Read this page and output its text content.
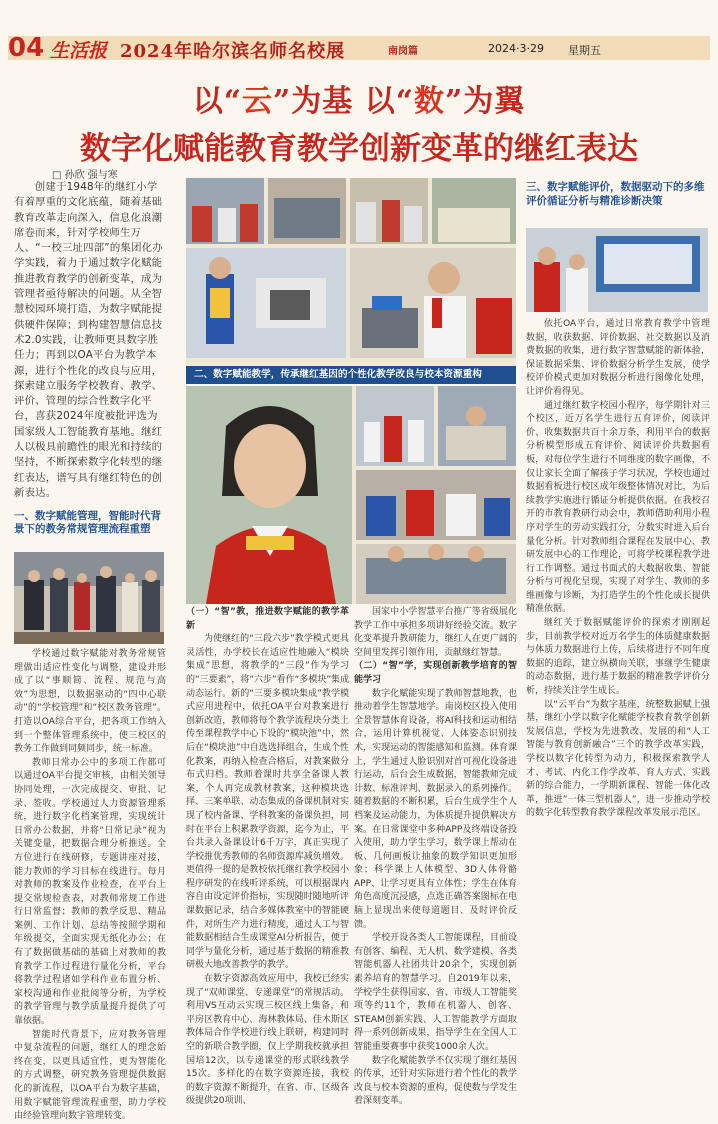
04 生活报 2024年哈尔滨名师名校展	南岗篇	2024·3·29 星期五
以“云”为基 以“数”为翼
数字化赋能教育教学创新变革的继红表达
□ 孙欣 强与寒
创建于1948年的继红小学有着厚重的文化底蕴，随着基础教育改革走向深入，信息化浪潮席卷而来，针对学校师生万人、“一校三址四部”的集团化办学实践，着力于通过数字化赋能推进教育教学的创新变革，成为管理者亟待解决的问题。从全智慧校园环境打造，为数字赋能提供硬件保障；到构建智慧信息技术2.0实践，让教师更具数字胜任力；再到以OA平台为教学本源，进行个性化的改良与应用，探索建立服务学校教育、教学、评价、管理的综合性数字化平台，喜获2024年度被批评选为国家级人工智能教育基地。继红人以极具前瞻性的眼光和持续的坚持，不断探索数字化转型的继红表达，谱写具有继红特色的创新表达。
一、数字赋能管理，智能时代背景下的教务常规管理流程重塑

学校通过数字赋能对教务常规管理做出适应性变化与调整，建设并形成了以“事顺简、流程、规范与高效”为思想，以数据驱动的“四中心联动”的“学校管理”和“校区教务管理”。打造以OA综合平台，把各项工作纳入到一个整体管理系统中，使三校区的教务工作做到同频同步，统一标准。

教师日常办公中的多项工作都可以通过OA平台提交审核，由相关领导协同处理，一次完成提交、审批、记录、签收。学校通过人力资源管理系统，进行数字化档案管理，实现统计日常办公数据，并将“日常记录”视为关键变量，把数据合理分析推送。全方位进行在线研修，专题讲座对接，能力教师的学习目标在线进行。每月对教师的教案及作业检查，在平台上提交常规检查表，对教师常规工作进行日常监督；教师的教学反思、精品案例、工作计划、总结等按照学期和年级提交，全面实现无纸化办公；在有了数据做基础的基础上对教师的教育教学工作过程进行量化分析，平台将教学过程诸如学科作业布置分析、家校沟通和作业批阅等分析，为学校的教学管理与教学质量提升提供了可靠依据。

智能时代背景下，应对教务管理中复杂流程的问题，继红人的理念始终在变，以更具适宜性，更为智能化的方式调整，研究教务管理提供数据化的新流程，以OA平台为数字基础，用数字赋能管理流程重塑，助力学校由经验管理向数字管理转变。

二、数字赋能教学，传承继红基因的个性化教学改良与校本资源重构

（一）“智”教，推进数字赋能的教学革新

为使继红的“三段六步”教学模式更具灵活性，办学校长在适应性地融入“模块集成”思想，将教学的“三段”作为学习的“三要素”，将“六步”看作“多模块”集成动态运行。新的“三要多模块集成”教学模式应用进程中，依托OA平台对教案进行创新改造，教师将每个教学流程块分类上传至课程教学中心下设的“模块池”中，然后在“模块池”中自选选择组合，生成个性化教案，再纳入检查合格后，对教案做分布式归档。教师着课时共享全备课人教案，个人再完成教材教案，这种模块选择、三案单联、动态集成的备课机制对实现了校内备课、学科教案的备课负担，同时在平台上积累教学资源，迄今为止，平台共录入备课设计6千万字，真正实现了学校推优秀教师的名师资源库减负增效。更值得一提的是教校依托继红教学校园小程序研发的在线听评系统，可以根据课内容自由设定评价指标，实现随时随地听评课数据记录，结合多媒体教室中的智能硬件，对所生产力进行精度，通过人工与智能数据相结合生成课堂AI分析报告，便于同学与量化分析，通过基于数据的精准教研极大地改善教学的教学。

在数字资源高效应用中，我校已经实现了“双师课堂、专递课堂”的常规活动。利用VS互动云实现三校区线上集备，和平房区教育中心、海林教体局、佳木斯区教体局合作学校进行线上联研，构建同时空的新联合教学圈，仅上学期我校就承担国培12次，以专递课堂的形式联线教学15次。多样化的在数字资源连接，我校的数字资源不断提升，在省、市、区级各级提供20项训、

国家中小学智慧平台推广等省级展化教学工作中承担多项讲好经验交流。数字化变革提升教研能力，继红人在更广阔的空间里发挥引领作用，贡献继红智慧。

（二）“智”学，实现创新教学培育的智能学习

数字化赋能实现了教师智慧地教，也推动着学生智慧地学。南岗校区投入使用全景智慧体育设备，将AI科技和运动相结合，运用计算机视觉、人体姿态识别技术，实现运动的智能感知和监测。体育课上，学生通过人脸识别对首可视化设备进行运动，后台会生成数据，智能教师完成计数、标准评判、数据录入的系列操作。随着数据的不断积累，后台生成学生个人档案及运动能力，为体质提升提供解决方案。在日常课堂中多种APP及终端设备投入使用，助力学生学习，数学课上帮动在板、几何画板让抽象的数学知识更加形象；科学课上人体模型、3D人体骨骼APP、让学习更具有立体性；学生在体育角色高度沉浸感，点选正确答案图标在电脑上显现出来使每道题目、及时评价反馈。

学校开设各类人工智能课程，目前设有创客、编程、无人机、数学建模、各类智能机器人社团共计20余个，实现创新素养培育的智慧学习。自2019年以来，学校学生获得国家、省、市级人工智能奖项等约11个，教师在机器人、创客、STEAM创新实践、人工智能教学方面取得一系列创新成果，指导学生在全国人工智能重要赛事中获奖1000余人次。

数字化赋能教学不仅实现了继红基因的传承，还针对实际进行着个性化的教学改良与校本资源的重构，促使数与学发生着深刻变革。

三、数字赋能评价，数据驱动下的多维评价循证分析与精准诊断决策

依托OA平台，通过日常教育教学中管理数据，收获数据、评价数据、社交数据以及消费数据的收集，进行数字智慧赋能的新体验，保证数据采集、评价数据分析学生发展，使学校评价模式更加对数据分析进行图像化处理，让评价看得见。

通过继红数字校园小程序，每学期针对三个校区，近万名学生进行五育评价，阅读评价、收集数据共百十余万条，利用平台的数据分析模型形成五育评价、阅读评价共数据看板，对每位学生进行不同维度的数字画像，不仅让家长全面了解孩子学习状况，学校也通过数据看板进行校区成年级整体情况对比，为后续教学实施进行循证分析提供依据。在我校召开的市教育教研行动会中，教师借助利用小程序对学生的劳动实践打分，分数实时进入后台量化分析。针对教师组合课程在发展中心、教研发展中心的工作理论，可将学校课程教学进行工作调整。通过书面式的大数据收集、智能分析与可视化呈现，实现了对学生、教师的多维画像与诊断，为打造学生的个性化成长提供精准依据。

继红关于数据赋能评价的探索才刚刚起步，目前教学校对近万名学生的体质健康数据与体质力数据进行上传，后续将进行不同年度数据的追踪，建立纵横向关联，事继学生健康的动态数据，进行基于数据的精准教学评价分析，持续关注学生成长。

以“云平台”为数字基座，统整数据赋上强基，继红小学以数字化赋能学校教育教学创新发展信息，学校为先进教改、发展的和“人工智能与教育创新融合”三个的教学改革实践，学校以数字化转型为动力，积极探索教学人才、考试、内化工作学改革、育人方式、实践新的综合能力，一学期新课程、智能一体化改革，推进”一体三型机器人”，进一步推动学校的数字化转型教育教学课程改革发展示范区。
